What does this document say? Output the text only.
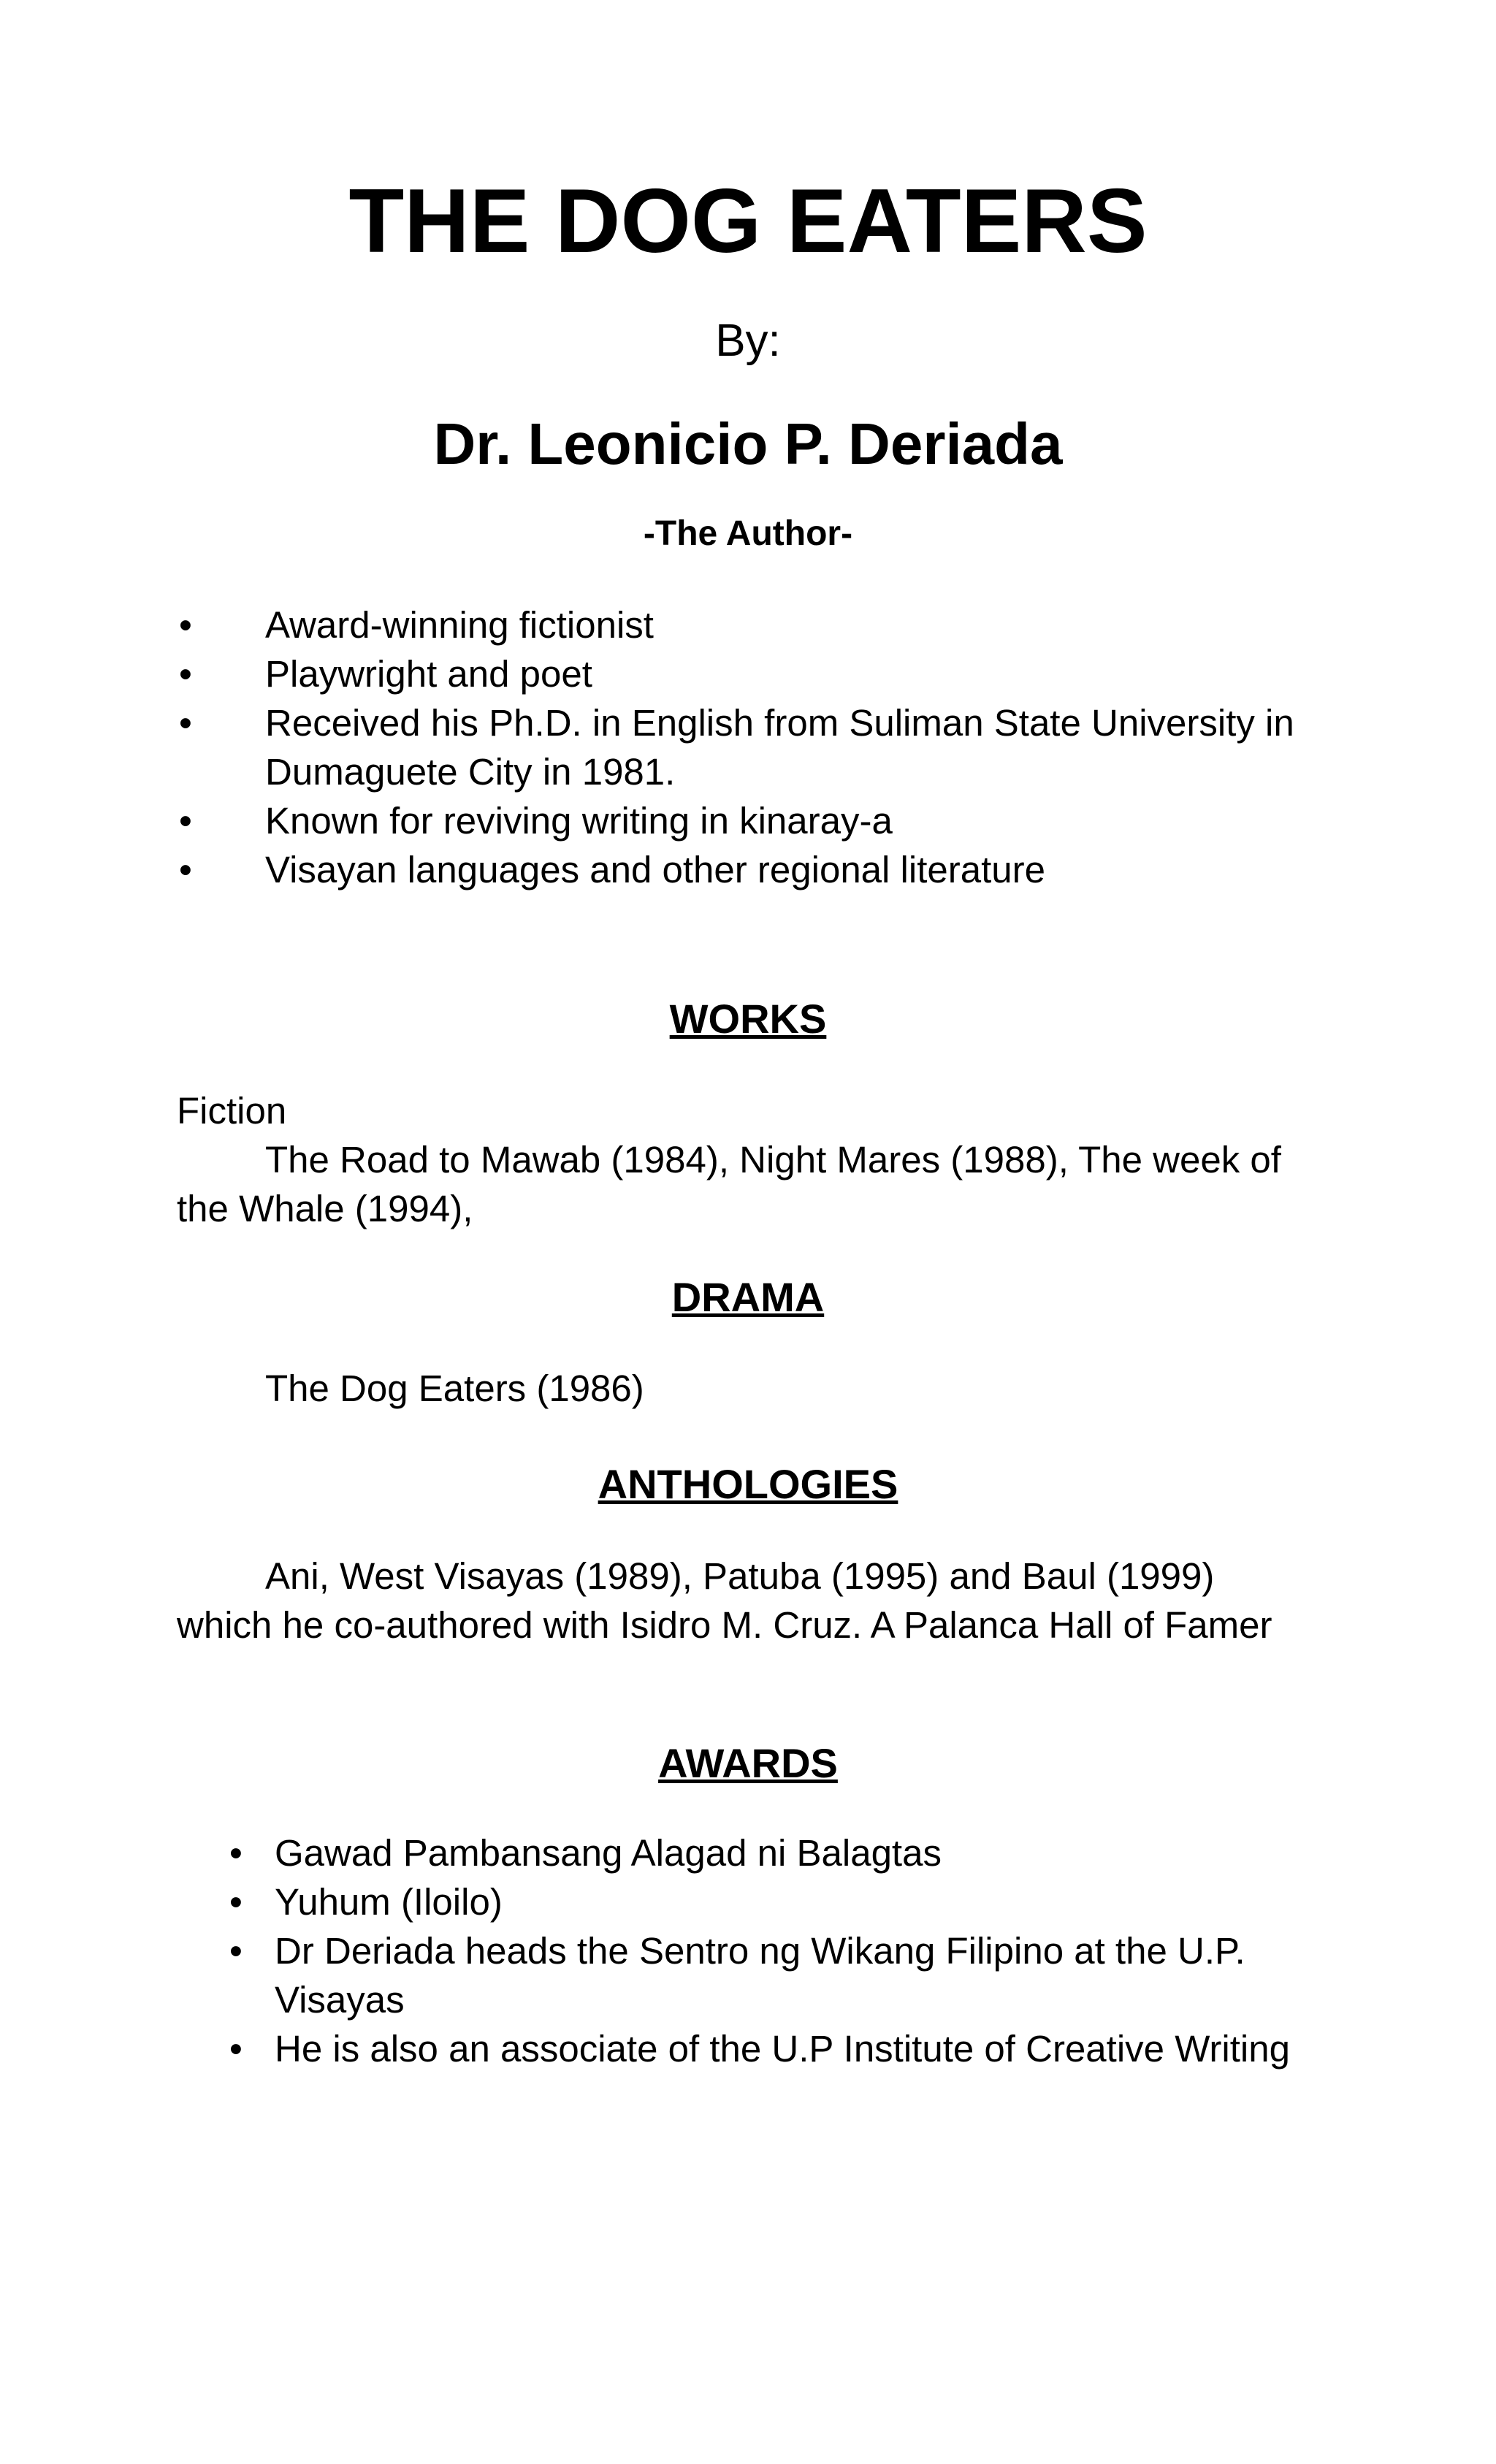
THE DOG EATERS

By:

Dr. Leonicio P. Deriada

-The Author-

• Award-winning fictionist
• Playwright and poet
• Received his Ph.D. in English from Suliman State University in Dumaguete City in 1981.
• Known for reviving writing in kinaray-a
• Visayan languages and other regional literature
WORKS
Fiction
The Road to Mawab (1984), Night Mares (1988), The week of the Whale (1994),
DRAMA
The Dog Eaters (1986)
ANTHOLOGIES
Ani, West Visayas (1989), Patuba (1995) and Baul (1999) which he co-authored with Isidro M. Cruz. A Palanca Hall of Famer
AWARDS
• Gawad Pambansang Alagad ni Balagtas
• Yuhum (Iloilo)
• Dr Deriada heads the Sentro ng Wikang Filipino at the U.P. Visayas
• He is also an associate of the U.P Institute of Creative Writing
